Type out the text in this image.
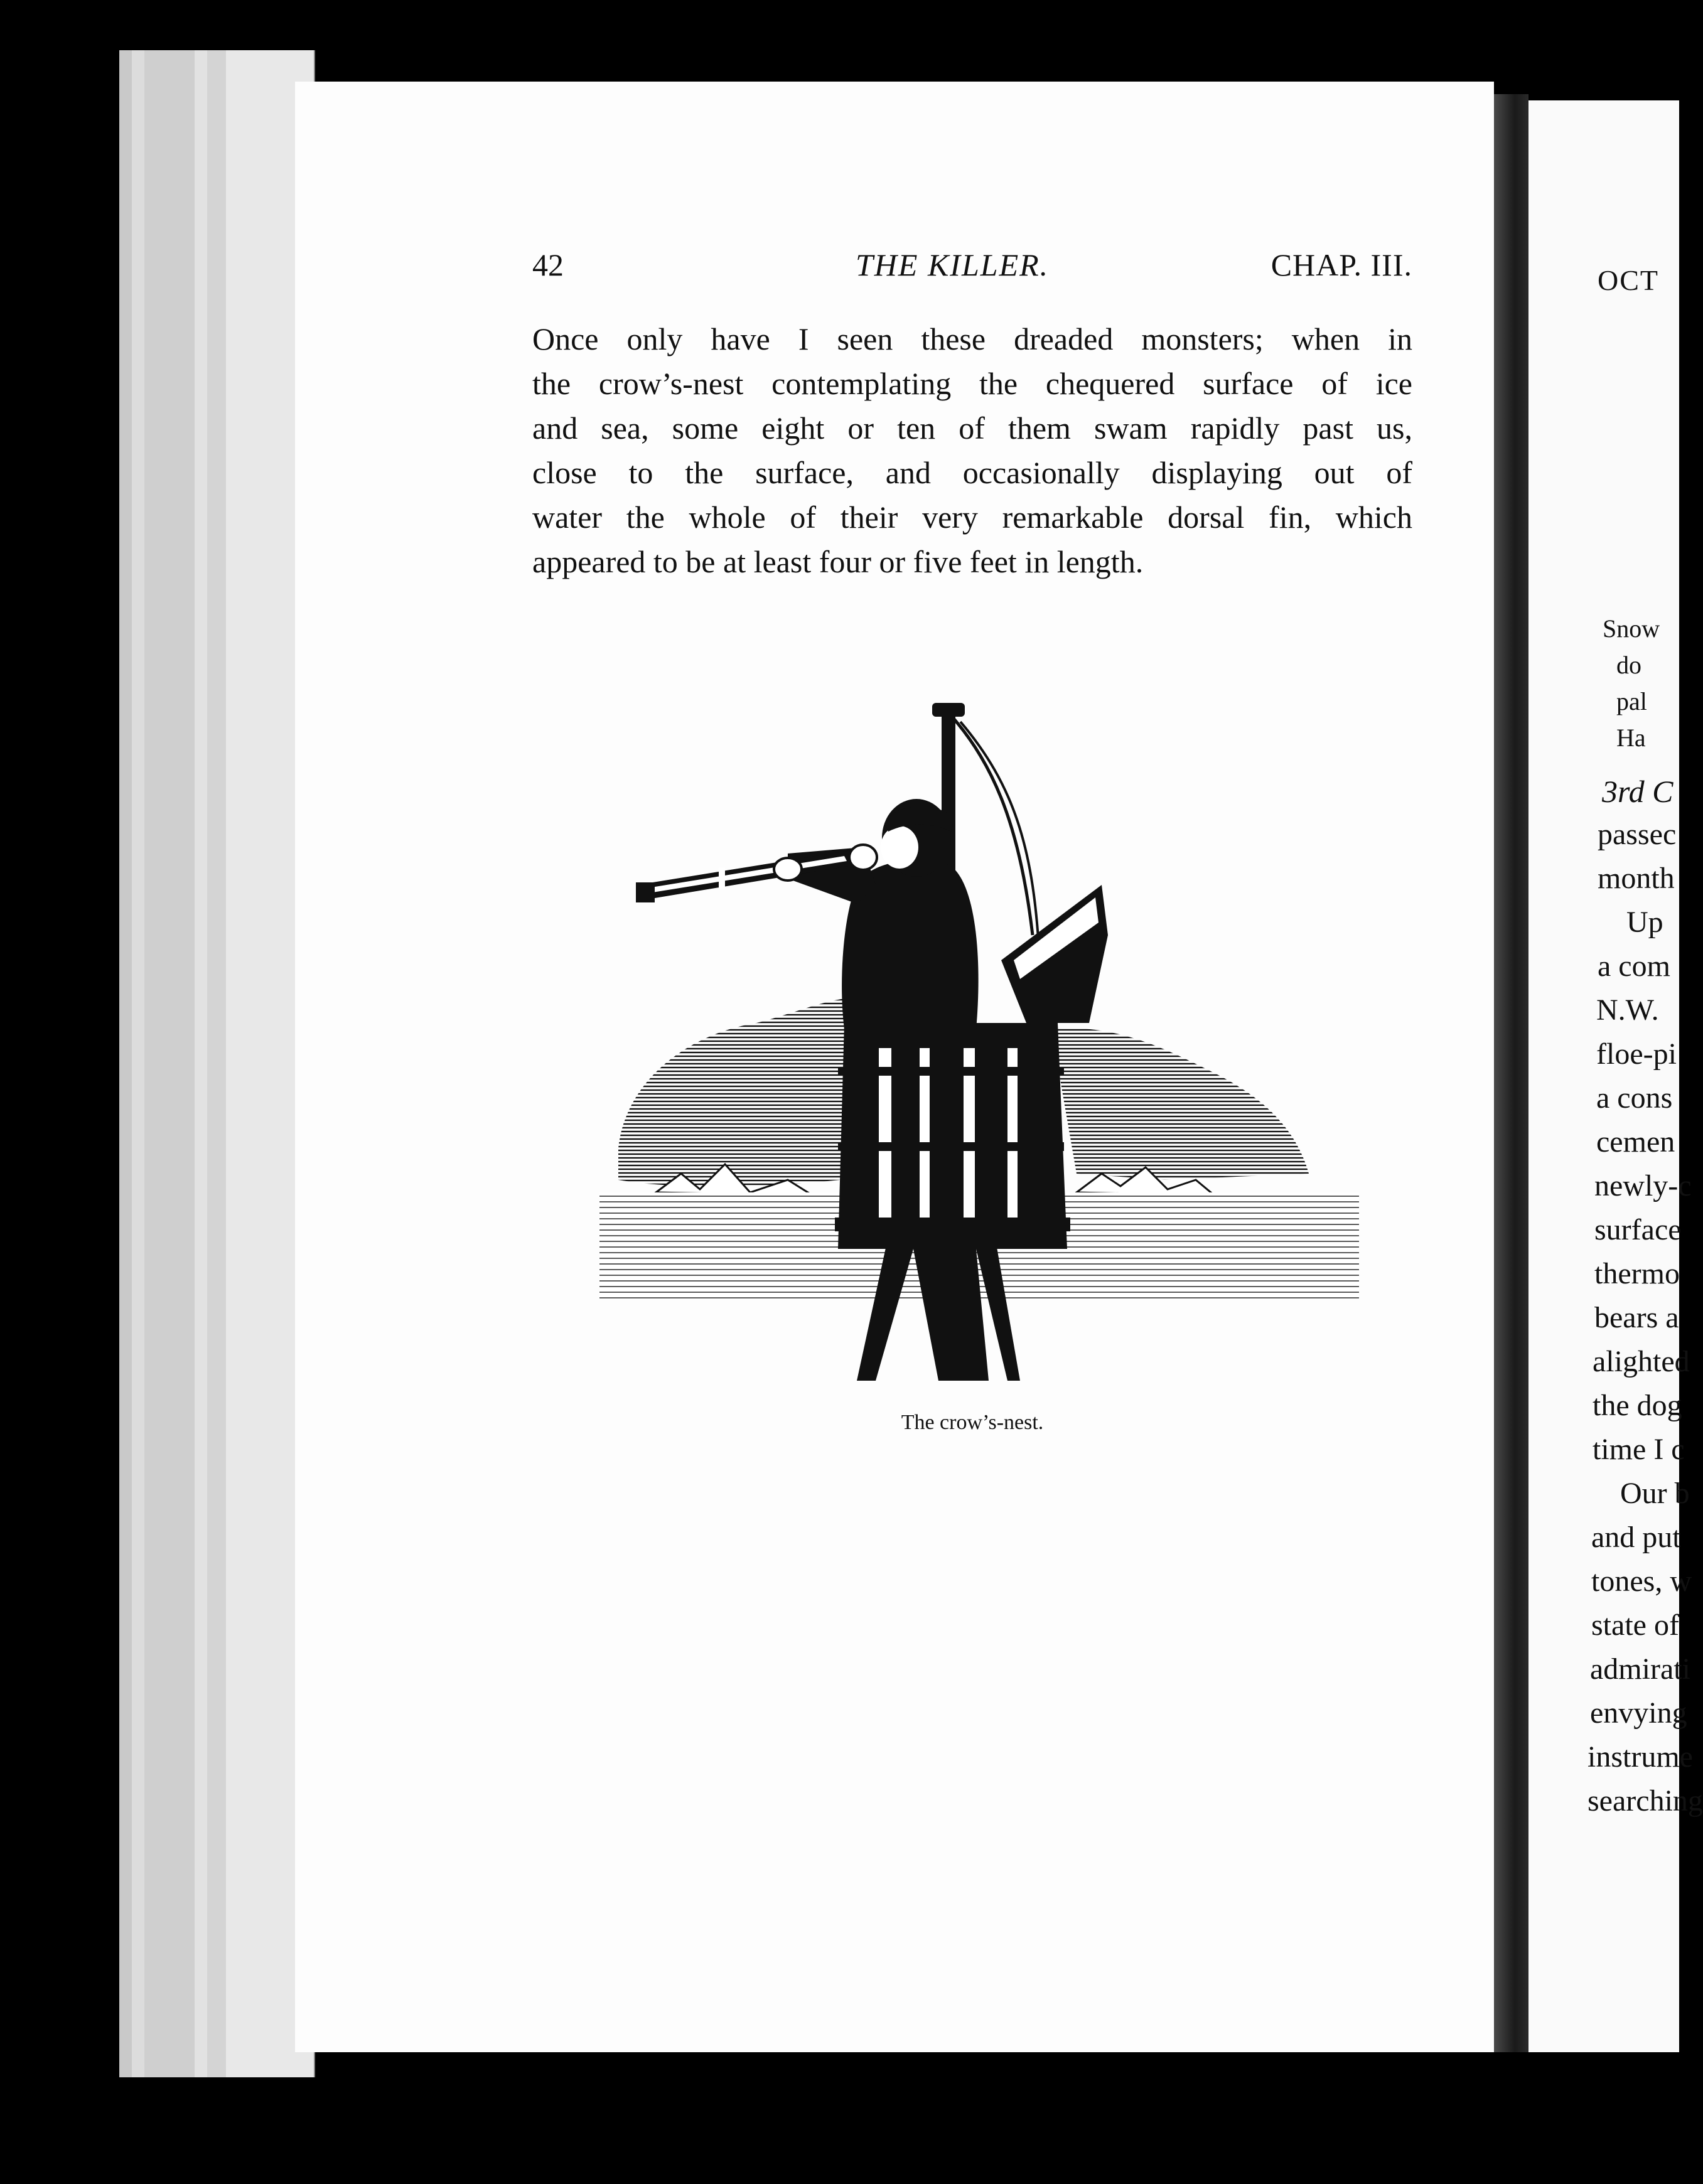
OCT
Snow
do
pal
Ha
3rd C
passec
month
Up
a com
N.W.
floe-pi
a cons
cemen
newly-c
surface
thermo
bears a
alighted
the dog
time I c
Our b
and put
tones, w
state of
admirati
envying
instrume
searching
42	THE KILLER.	CHAP. III.
Once only have I seen these dreaded monsters; when in
the crow’s-nest contemplating the chequered surface of ice
and sea, some eight or ten of them swam rapidly past us,
close to the surface, and occasionally displaying out of
water the whole of their very remarkable dorsal fin, which
appeared to be at least four or five feet in length.
The crow’s-nest.
